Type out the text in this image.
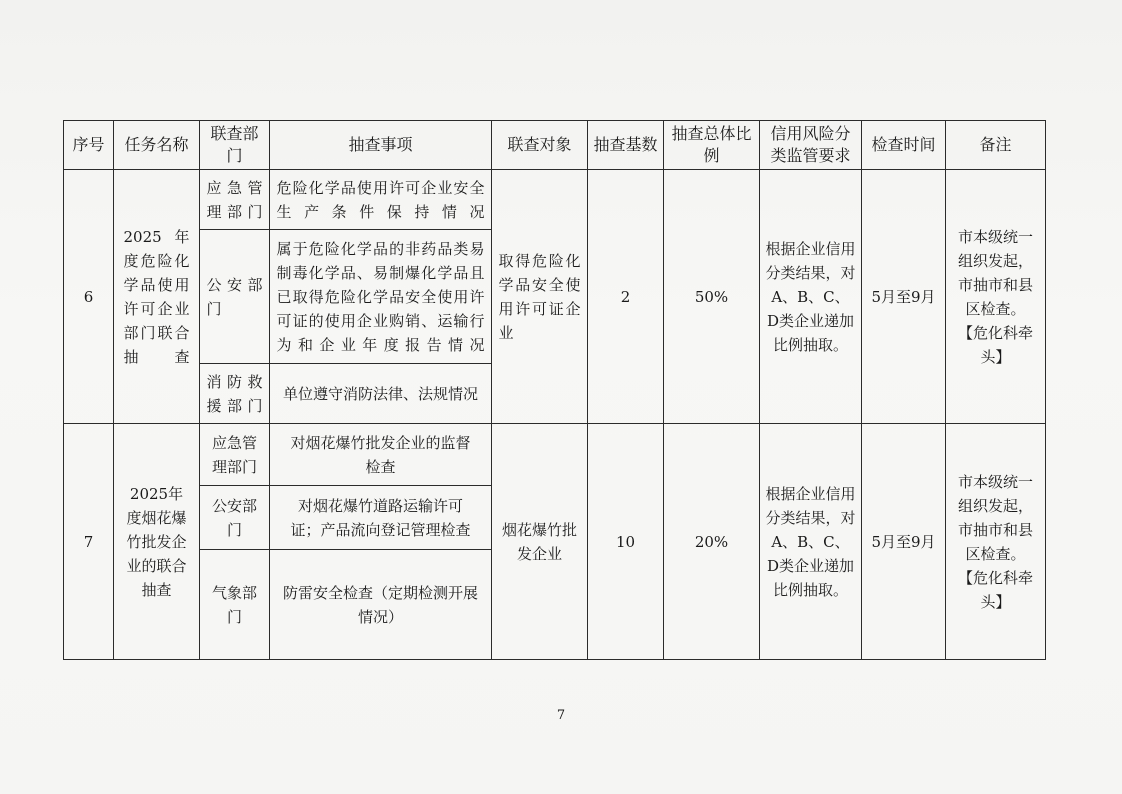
序号	任务名称	联查部门	抽查事项	联查对象	抽查基数	抽查总体比例	信用风险分类监管要求	检查时间	备注
6	2025年度危险化学品使用许可企业部门联合抽查	应急管理部门	危险化学品使用许可企业安全生产条件保持情况	取得危险化学品安全使用许可证企业	2	50%	根据企业信用分类结果，对A、B、C、D类企业递加比例抽取。	5月至9月	市本级统一组织发起，市抽市和县区检查。【危化科牵头】

		公安部门	属于危险化学品的非药品类易制毒化学品、易制爆化学品且已取得危险化学品安全使用许可证的使用企业购销、运输行为和企业年度报告情况						

		消防救援部门	单位遵守消防法律、法规情况						

7	2025年度烟花爆竹批发企业的联合抽查	应急管理部门	对烟花爆竹批发企业的监督检查	烟花爆竹批发企业	10	20%	根据企业信用分类结果，对A、B、C、D类企业递加比例抽取。	5月至9月	市本级统一组织发起，市抽市和县区检查。【危化科牵头】

		公安部门	对烟花爆竹道路运输许可证；产品流向登记管理检查						

		气象部门	防雷安全检查（定期检测开展情况）						
7
